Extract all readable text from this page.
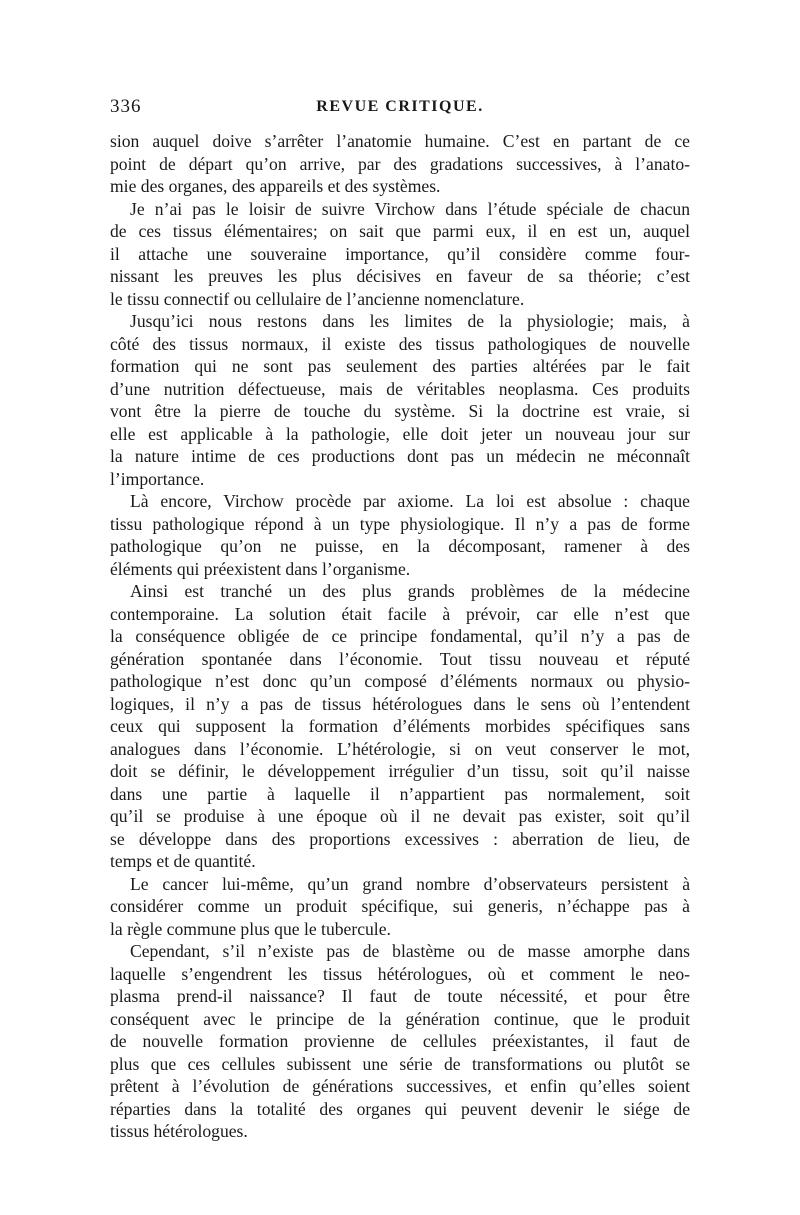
336	REVUE CRITIQUE.

sion auquel doive s’arrêter l’anatomie humaine. C’est en partant de ce
point de départ qu’on arrive, par des gradations successives, à l’anato-
mie des organes, des appareils et des systèmes.

Je n’ai pas le loisir de suivre Virchow dans l’étude spéciale de chacun
de ces tissus élémentaires; on sait que parmi eux, il en est un, auquel
il attache une souveraine importance, qu’il considère comme four-
nissant les preuves les plus décisives en faveur de sa théorie; c’est
le tissu connectif ou cellulaire de l’ancienne nomenclature.

Jusqu’ici nous restons dans les limites de la physiologie; mais, à
côté des tissus normaux, il existe des tissus pathologiques de nouvelle
formation qui ne sont pas seulement des parties altérées par le fait
d’une nutrition défectueuse, mais de véritables neoplasma. Ces produits
vont être la pierre de touche du système. Si la doctrine est vraie, si
elle est applicable à la pathologie, elle doit jeter un nouveau jour sur
la nature intime de ces productions dont pas un médecin ne méconnaît
l’importance.

Là encore, Virchow procède par axiome. La loi est absolue : chaque
tissu pathologique répond à un type physiologique. Il n’y a pas de forme
pathologique qu’on ne puisse, en la décomposant, ramener à des
éléments qui préexistent dans l’organisme.

Ainsi est tranché un des plus grands problèmes de la médecine
contemporaine. La solution était facile à prévoir, car elle n’est que
la conséquence obligée de ce principe fondamental, qu’il n’y a pas de
génération spontanée dans l’économie. Tout tissu nouveau et réputé
pathologique n’est donc qu’un composé d’éléments normaux ou physio-
logiques, il n’y a pas de tissus hétérologues dans le sens où l’entendent
ceux qui supposent la formation d’éléments morbides spécifiques sans
analogues dans l’économie. L’hétérologie, si on veut conserver le mot,
doit se définir, le développement irrégulier d’un tissu, soit qu’il naisse
dans une partie à laquelle il n’appartient pas normalement, soit
qu’il se produise à une époque où il ne devait pas exister, soit qu’il
se développe dans des proportions excessives : aberration de lieu, de
temps et de quantité.

Le cancer lui-même, qu’un grand nombre d’observateurs persistent à
considérer comme un produit spécifique, sui generis, n’échappe pas à
la règle commune plus que le tubercule.

Cependant, s’il n’existe pas de blastème ou de masse amorphe dans
laquelle s’engendrent les tissus hétérologues, où et comment le neo-
plasma prend-il naissance? Il faut de toute nécessité, et pour être
conséquent avec le principe de la génération continue, que le produit
de nouvelle formation provienne de cellules préexistantes, il faut de
plus que ces cellules subissent une série de transformations ou plutôt se
prêtent à l’évolution de générations successives, et enfin qu’elles soient
réparties dans la totalité des organes qui peuvent devenir le siége de
tissus hétérologues.
